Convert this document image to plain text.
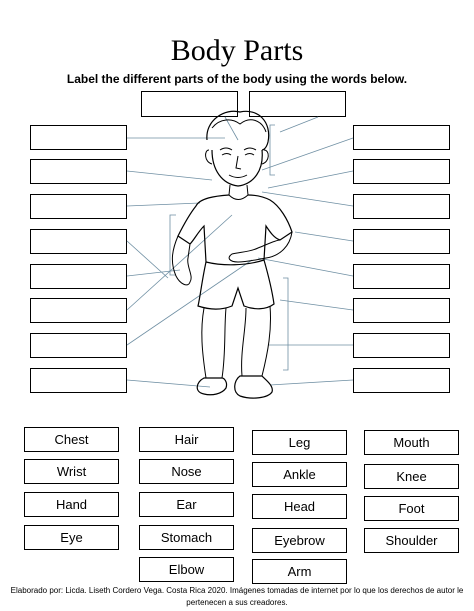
Body Parts
Label the different parts of the body using the words below.
Chest	Hair	Leg	Mouth
Wrist	Nose	Ankle	Knee
Hand	Ear	Head	Foot
Eye	Stomach	Eyebrow	Shoulder
Elbow	Arm
Elaborado por: Licda. Liseth Cordero Vega. Costa Rica 2020. Imágenes tomadas de internet por lo que los derechos de autor le
pertenecen a sus creadores.
